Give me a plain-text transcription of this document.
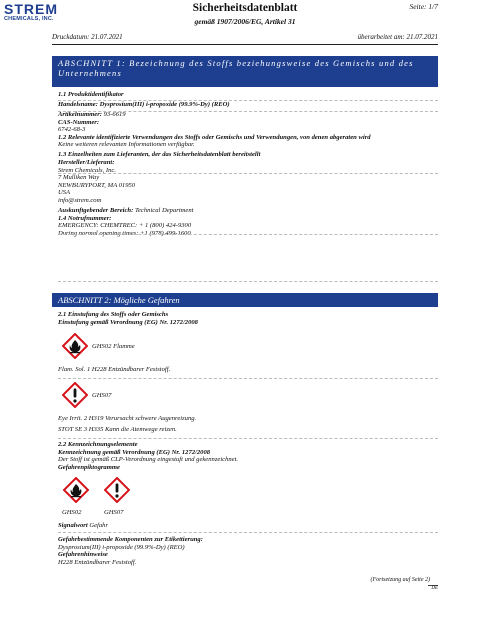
STREM
CHEMICALS, INC.
Sicherheitsdatenblatt
gemäß 1907/2006/EG, Artikel 31
Seite: 1/7
Druckdatum: 21.07.2021	überarbeitet am: 21.07.2021
ABSCHNITT 1: Bezeichnung des Stoffs beziehungsweise des Gemischs und des Unternehmens
1.1 Produktidentifikator
Handelsname: Dysprosium(III) i-propoxide (99.9%-Dy) (REO)
Artikelnummer: 93-6619
CAS-Nummer:
6742-68-3
1.2 Relevante identifizierte Verwendungen des Stoffs oder Gemischs und Verwendungen, von denen abgeraten wird
Keine weiteren relevanten Informationen verfügbar.
1.3 Einzelheiten zum Lieferanten, der das Sicherheitsdatenblatt bereitstellt
Hersteller/Lieferant:
Strem Chemicals, Inc.
7 Mulliken Way
NEWBURYPORT, MA 01950
USA
info@strem.com
Auskunftgebender Bereich: Technical Department
1.4 Notrufnummer:
EMERGENCY: CHEMTREC: + 1 (800) 424-9300
During normal opening times: +1 (978) 499-1600
ABSCHNITT 2: Mögliche Gefahren
2.1 Einstufung des Stoffs oder Gemischs
Einstufung gemäß Verordnung (EG) Nr. 1272/2008
GHS02 Flamme
Flam. Sol. 1 H228 Entzündbarer Feststoff.
GHS07
Eye Irrit. 2 H319 Verursacht schwere Augenreizung.
STOT SE 3 H335 Kann die Atemwege reizen.
2.2 Kennzeichnungselemente
Kennzeichnung gemäß Verordnung (EG) Nr. 1272/2008
Der Stoff ist gemäß CLP-Verordnung eingestuft und gekennzeichnet.
Gefahrenpiktogramme
GHS02	GHS07
Signalwort Gefahr
Gefahrbestimmende Komponenten zur Etikettierung:
Dysprosium(III) i-propoxide (99.9%-Dy) (REO)
Gefahrenhinweise
H228 Entzündbarer Feststoff.
(Fortsetzung auf Seite 2)
DE
